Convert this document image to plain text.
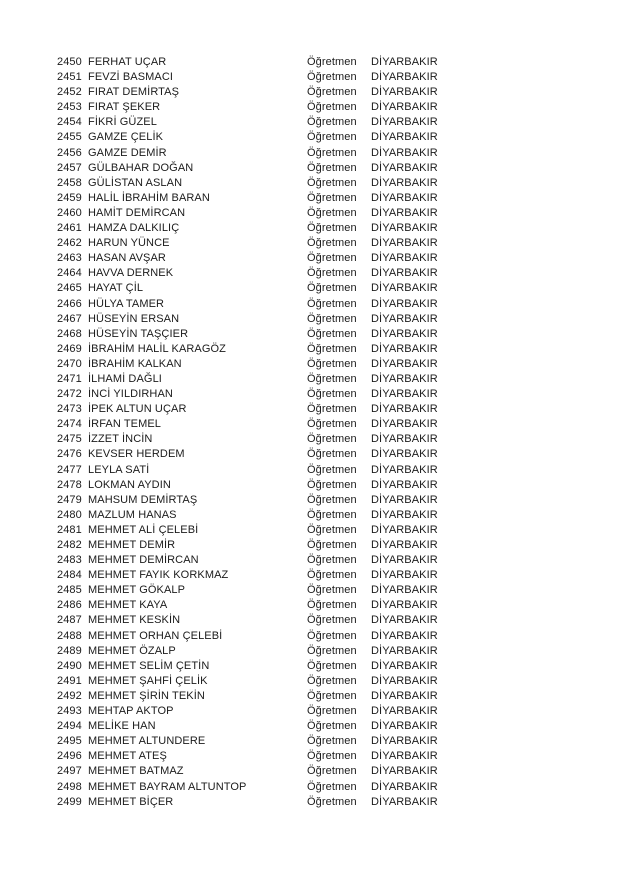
2450 FERHAT UÇAR	Öğretmen	DİYARBAKIR
2451 FEVZİ BASMACI	Öğretmen	DİYARBAKIR
2452 FIRAT DEMİRTAŞ	Öğretmen	DİYARBAKIR
2453 FIRAT ŞEKER	Öğretmen	DİYARBAKIR
2454 FİKRİ GÜZEL	Öğretmen	DİYARBAKIR
2455 GAMZE ÇELİK	Öğretmen	DİYARBAKIR
2456 GAMZE DEMİR	Öğretmen	DİYARBAKIR
2457 GÜLBAHAR DOĞAN	Öğretmen	DİYARBAKIR
2458 GÜLİSTAN ASLAN	Öğretmen	DİYARBAKIR
2459 HALİL İBRAHİM BARAN	Öğretmen	DİYARBAKIR
2460 HAMİT DEMİRCAN	Öğretmen	DİYARBAKIR
2461 HAMZA DALKILIÇ	Öğretmen	DİYARBAKIR
2462 HARUN YÜNCE	Öğretmen	DİYARBAKIR
2463 HASAN AVŞAR	Öğretmen	DİYARBAKIR
2464 HAVVA DERNEK	Öğretmen	DİYARBAKIR
2465 HAYAT ÇİL	Öğretmen	DİYARBAKIR
2466 HÜLYA TAMER	Öğretmen	DİYARBAKIR
2467 HÜSEYİN ERSAN	Öğretmen	DİYARBAKIR
2468 HÜSEYİN TAŞÇIER	Öğretmen	DİYARBAKIR
2469 İBRAHİM HALİL KARAGÖZ	Öğretmen	DİYARBAKIR
2470 İBRAHİM KALKAN	Öğretmen	DİYARBAKIR
2471 İLHAMİ DAĞLI	Öğretmen	DİYARBAKIR
2472 İNCİ YILDIRHAN	Öğretmen	DİYARBAKIR
2473 İPEK ALTUN UÇAR	Öğretmen	DİYARBAKIR
2474 İRFAN TEMEL	Öğretmen	DİYARBAKIR
2475 İZZET İNCİN	Öğretmen	DİYARBAKIR
2476 KEVSER HERDEM	Öğretmen	DİYARBAKIR
2477 LEYLA SATİ	Öğretmen	DİYARBAKIR
2478 LOKMAN AYDIN	Öğretmen	DİYARBAKIR
2479 MAHSUM DEMİRTAŞ	Öğretmen	DİYARBAKIR
2480 MAZLUM HANAS	Öğretmen	DİYARBAKIR
2481 MEHMET ALİ ÇELEBİ	Öğretmen	DİYARBAKIR
2482 MEHMET DEMİR	Öğretmen	DİYARBAKIR
2483 MEHMET DEMİRCAN	Öğretmen	DİYARBAKIR
2484 MEHMET FAYIK KORKMAZ	Öğretmen	DİYARBAKIR
2485 MEHMET GÖKALP	Öğretmen	DİYARBAKIR
2486 MEHMET KAYA	Öğretmen	DİYARBAKIR
2487 MEHMET KESKİN	Öğretmen	DİYARBAKIR
2488 MEHMET ORHAN ÇELEBİ	Öğretmen	DİYARBAKIR
2489 MEHMET ÖZALP	Öğretmen	DİYARBAKIR
2490 MEHMET SELİM ÇETİN	Öğretmen	DİYARBAKIR
2491 MEHMET ŞAHFİ ÇELİK	Öğretmen	DİYARBAKIR
2492 MEHMET ŞİRİN TEKİN	Öğretmen	DİYARBAKIR
2493 MEHTAP AKTOP	Öğretmen	DİYARBAKIR
2494 MELİKE HAN	Öğretmen	DİYARBAKIR
2495 MEHMET ALTUNDERE	Öğretmen	DİYARBAKIR
2496 MEHMET ATEŞ	Öğretmen	DİYARBAKIR
2497 MEHMET BATMAZ	Öğretmen	DİYARBAKIR
2498 MEHMET BAYRAM ALTUNTOP	Öğretmen	DİYARBAKIR
2499 MEHMET BİÇER	Öğretmen	DİYARBAKIR
